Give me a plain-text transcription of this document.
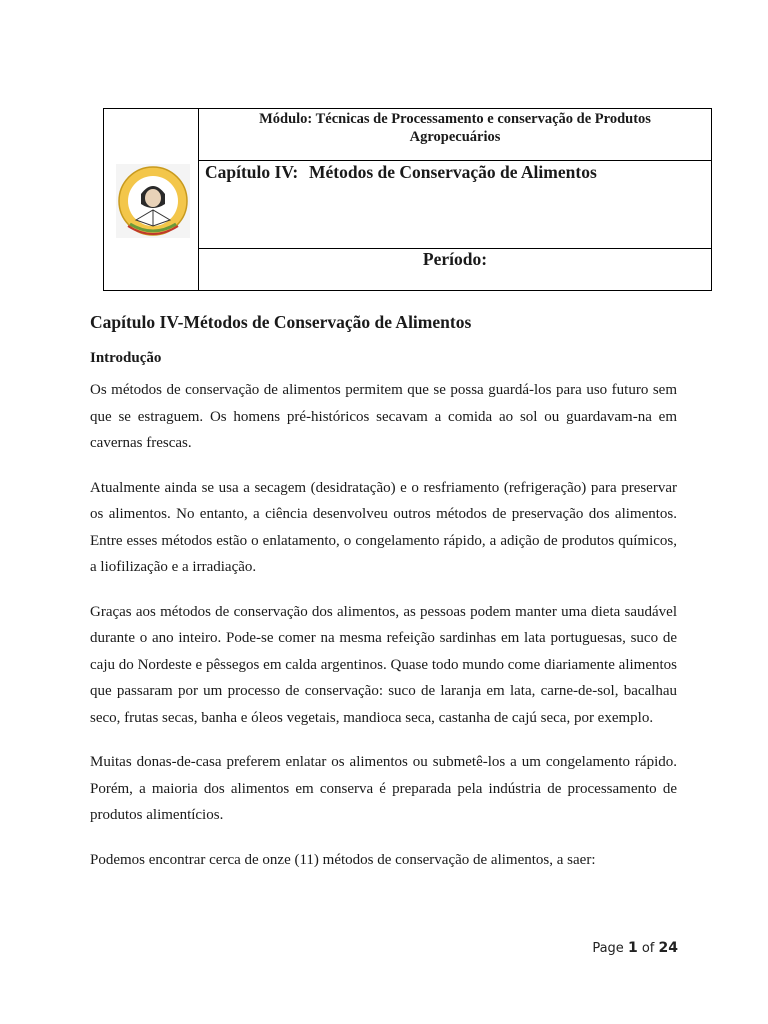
Módulo: Técnicas de Processamento e conservação de Produtos Agropecuários
Capítulo IV: Métodos de Conservação de Alimentos
Período:
Capítulo IV-Métodos de Conservação de Alimentos
Introdução

Os métodos de conservação de alimentos permitem que se possa guardá-los para uso futuro sem que se estraguem. Os homens pré-históricos secavam a comida ao sol ou guardavam-na em cavernas frescas.

Atualmente ainda se usa a secagem (desidratação) e o resfriamento (refrigeração) para preservar os alimentos. No entanto, a ciência desenvolveu outros métodos de preservação dos alimentos. Entre esses métodos estão o enlatamento, o congelamento rápido, a adição de produtos químicos, a liofilização e a irradiação.

Graças aos métodos de conservação dos alimentos, as pessoas podem manter uma dieta saudável durante o ano inteiro. Pode-se comer na mesma refeição sardinhas em lata portuguesas, suco de caju do Nordeste e pêssegos em calda argentinos. Quase todo mundo come diariamente alimentos que passaram por um processo de conservação: suco de laranja em lata, carne-de-sol, bacalhau seco, frutas secas, banha e óleos vegetais, mandioca seca, castanha de cajú seca, por exemplo.

Muitas donas-de-casa preferem enlatar os alimentos ou submetê-los a um congelamento rápido. Porém, a maioria dos alimentos em conserva é preparada pela indústria de processamento de produtos alimentícios.

Podemos encontrar cerca de onze (11) métodos de conservação de alimentos, a saer:

Page 1 of 24
